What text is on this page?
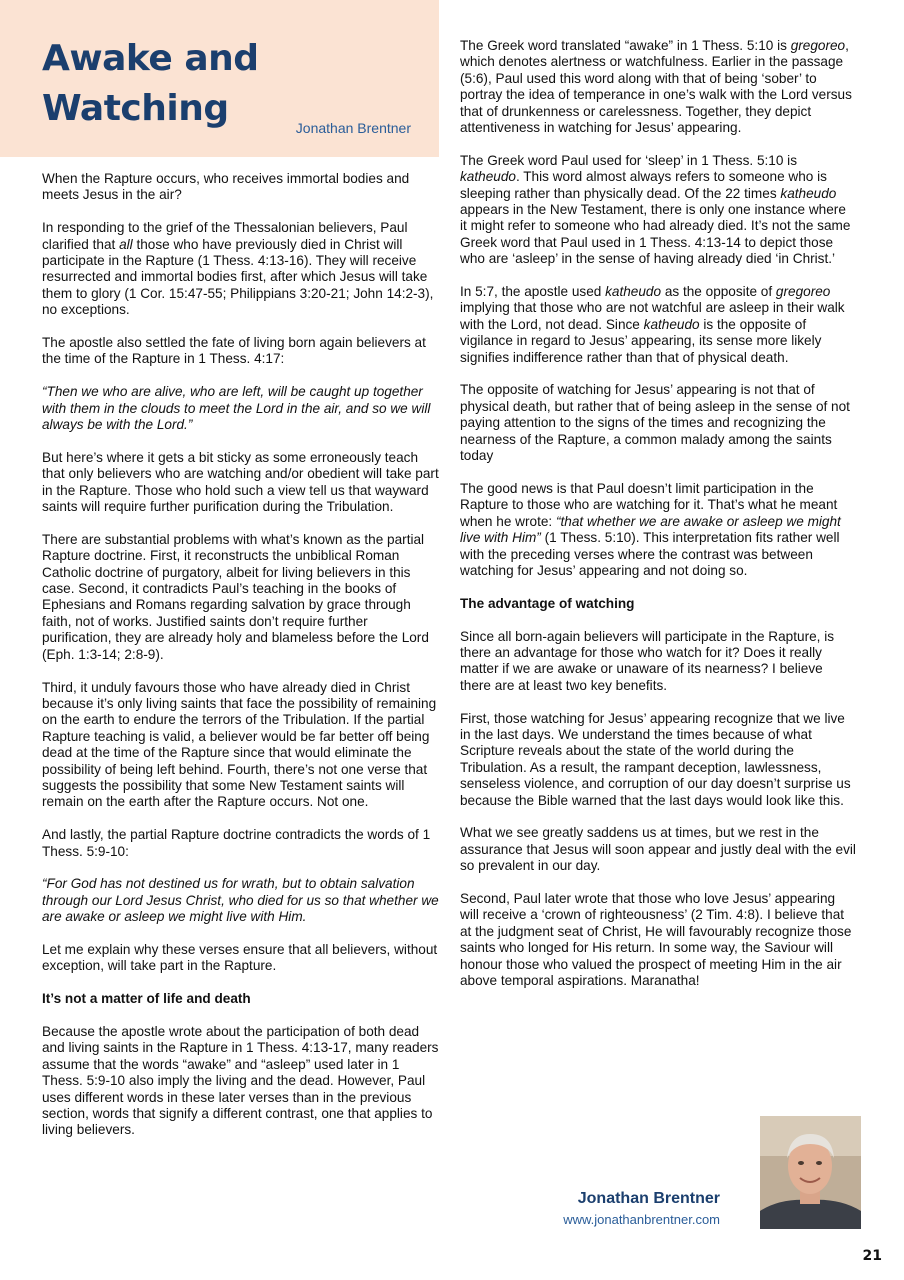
Awake and
Watching	Jonathan Brentner

When the Rapture occurs, who receives immortal bodies and meets Jesus in the air?

In responding to the grief of the Thessalonian believers, Paul clarified that all those who have previously died in Christ will participate in the Rapture (1 Thess. 4:13-16). They will receive resurrected and immortal bodies first, after which Jesus will take them to glory (1 Cor. 15:47-55; Philippians 3:20-21; John 14:2-3), no exceptions.

The apostle also settled the fate of living born again believers at the time of the Rapture in 1 Thess. 4:17:

“Then we who are alive, who are left, will be caught up together with them in the clouds to meet the Lord in the air, and so we will always be with the Lord.”

But here’s where it gets a bit sticky as some erroneously teach that only believers who are watching and/or obedient will take part in the Rapture. Those who hold such a view tell us that wayward saints will require further purification during the Tribulation.

There are substantial problems with what’s known as the partial Rapture doctrine. First, it reconstructs the unbiblical Roman Catholic doctrine of purgatory, albeit for living believers in this case. Second, it contradicts Paul’s teaching in the books of Ephesians and Romans regarding salvation by grace through faith, not of works. Justified saints don’t require further purification, they are already holy and blameless before the Lord (Eph. 1:3-14; 2:8-9).

Third, it unduly favours those who have already died in Christ because it’s only living saints that face the possibility of remaining on the earth to endure the terrors of the Tribulation. If the partial Rapture teaching is valid, a believer would be far better off being dead at the time of the Rapture since that would eliminate the possibility of being left behind. Fourth, there’s not one verse that suggests the possibility that some New Testament saints will remain on the earth after the Rapture occurs. Not one.

And lastly, the partial Rapture doctrine contradicts the words of 1 Thess. 5:9-10:

“For God has not destined us for wrath, but to obtain salvation through our Lord Jesus Christ, who died for us so that whether we are awake or asleep we might live with Him.

Let me explain why these verses ensure that all believers, without exception, will take part in the Rapture.

It’s not a matter of life and death

Because the apostle wrote about the participation of both dead and living saints in the Rapture in 1 Thess. 4:13-17, many readers assume that the words “awake” and “asleep” used later in 1 Thess. 5:9-10 also imply the living and the dead. However, Paul uses different words in these later verses than in the previous section, words that signify a different contrast, one that applies to living believers.

The Greek word translated “awake” in 1 Thess. 5:10 is gregoreo, which denotes alertness or watchfulness. Earlier in the passage (5:6), Paul used this word along with that of being ‘sober’ to portray the idea of temperance in one’s walk with the Lord versus that of drunkenness or carelessness. Together, they depict attentiveness in watching for Jesus’ appearing.

The Greek word Paul used for ‘sleep’ in 1 Thess. 5:10 is katheudo. This word almost always refers to someone who is sleeping rather than physically dead. Of the 22 times katheudo appears in the New Testament, there is only one instance where it might refer to someone who had already died. It’s not the same Greek word that Paul used in 1 Thess. 4:13-14 to depict those who are ‘asleep’ in the sense of having already died ‘in Christ.’

In 5:7, the apostle used katheudo as the opposite of gregoreo implying that those who are not watchful are asleep in their walk with the Lord, not dead. Since katheudo is the opposite of vigilance in regard to Jesus’ appearing, its sense more likely signifies indifference rather than that of physical death.

The opposite of watching for Jesus’ appearing is not that of physical death, but rather that of being asleep in the sense of not paying attention to the signs of the times and recognizing the nearness of the Rapture, a common malady among the saints today

The good news is that Paul doesn’t limit participation in the Rapture to those who are watching for it. That’s what he meant when he wrote: “that whether we are awake or asleep we might live with Him” (1 Thess. 5:10). This interpretation fits rather well with the preceding verses where the contrast was between watching for Jesus’ appearing and not doing so.

The advantage of watching

Since all born-again believers will participate in the Rapture, is there an advantage for those who watch for it? Does it really matter if we are awake or unaware of its nearness? I believe there are at least two key benefits.

First, those watching for Jesus’ appearing recognize that we live in the last days. We understand the times because of what Scripture reveals about the state of the world during the Tribulation. As a result, the rampant deception, lawlessness, senseless violence, and corruption of our day doesn’t surprise us because the Bible warned that the last days would look like this.

What we see greatly saddens us at times, but we rest in the assurance that Jesus will soon appear and justly deal with the evil so prevalent in our day.

Second, Paul later wrote that those who love Jesus’ appearing will receive a ‘crown of righteousness’ (2 Tim. 4:8). I believe that at the judgment seat of Christ, He will favourably recognize those saints who longed for His return. In some way, the Saviour will honour those who valued the prospect of meeting Him in the air above temporal aspirations. Maranatha!

Jonathan Brentner
www.jonathanbrentner.com
21
